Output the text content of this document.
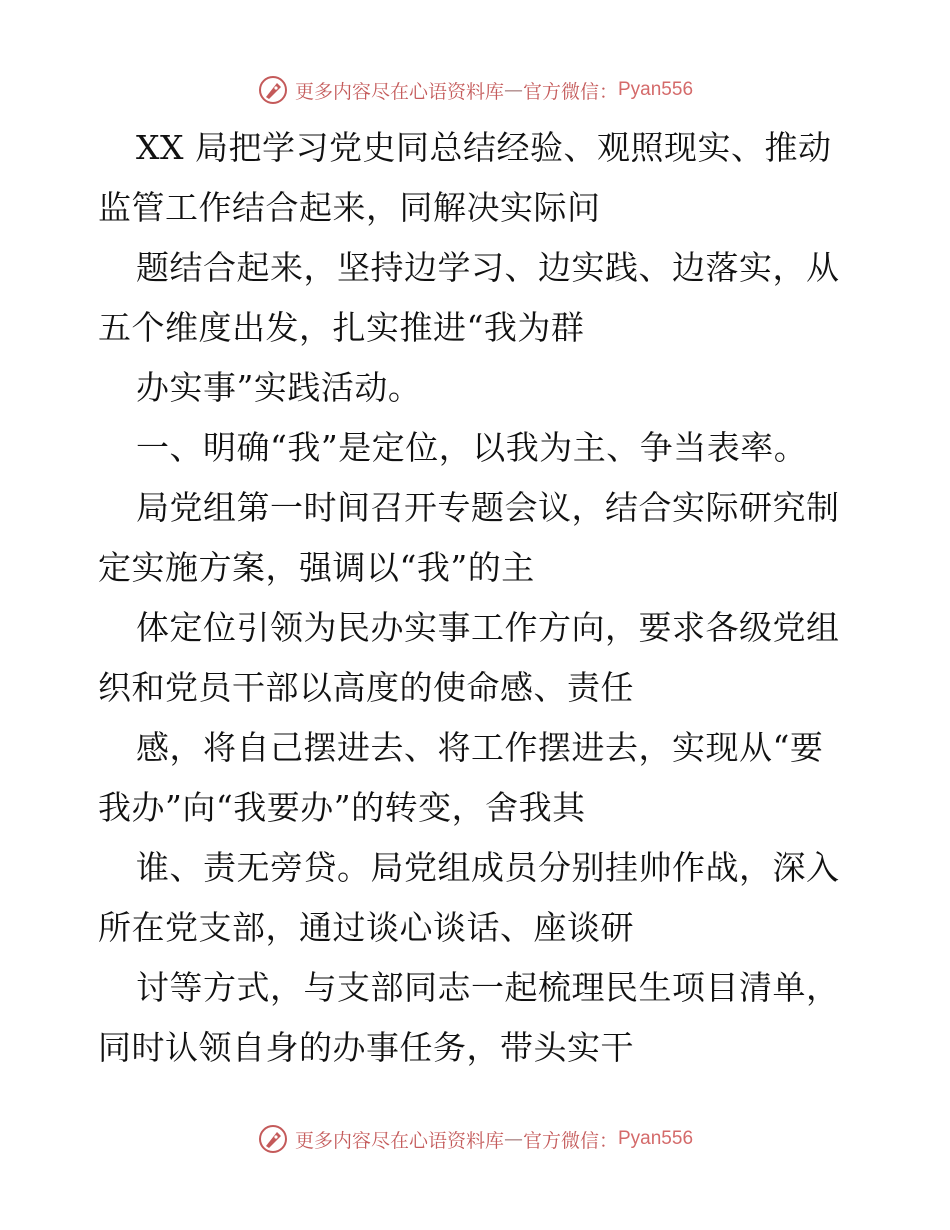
更多内容尽在心语资料库 — 官方微信： Pyan556
XX 局把学习党史同总结经验、观照现实、推动
监管工作结合起来，同解决实际问
题结合起来，坚持边学习、边实践、边落实，从
五个维度出发，扎实推进“我为群
办实事”实践活动。
一、明确“我”是定位，以我为主、争当表率。
局党组第一时间召开专题会议，结合实际研究制
定实施方案，强调以“我”的主
体定位引领为民办实事工作方向，要求各级党组
织和党员干部以高度的使命感、责任
感，将自己摆进去、将工作摆进去，实现从“要
我办”向“我要办”的转变，舍我其
谁、责无旁贷。局党组成员分别挂帅作战，深入
所在党支部，通过谈心谈话、座谈研
讨等方式，与支部同志一起梳理民生项目清单，
同时认领自身的办事任务，带头实干
更多内容尽在心语资料库 — 官方微信： Pyan556
